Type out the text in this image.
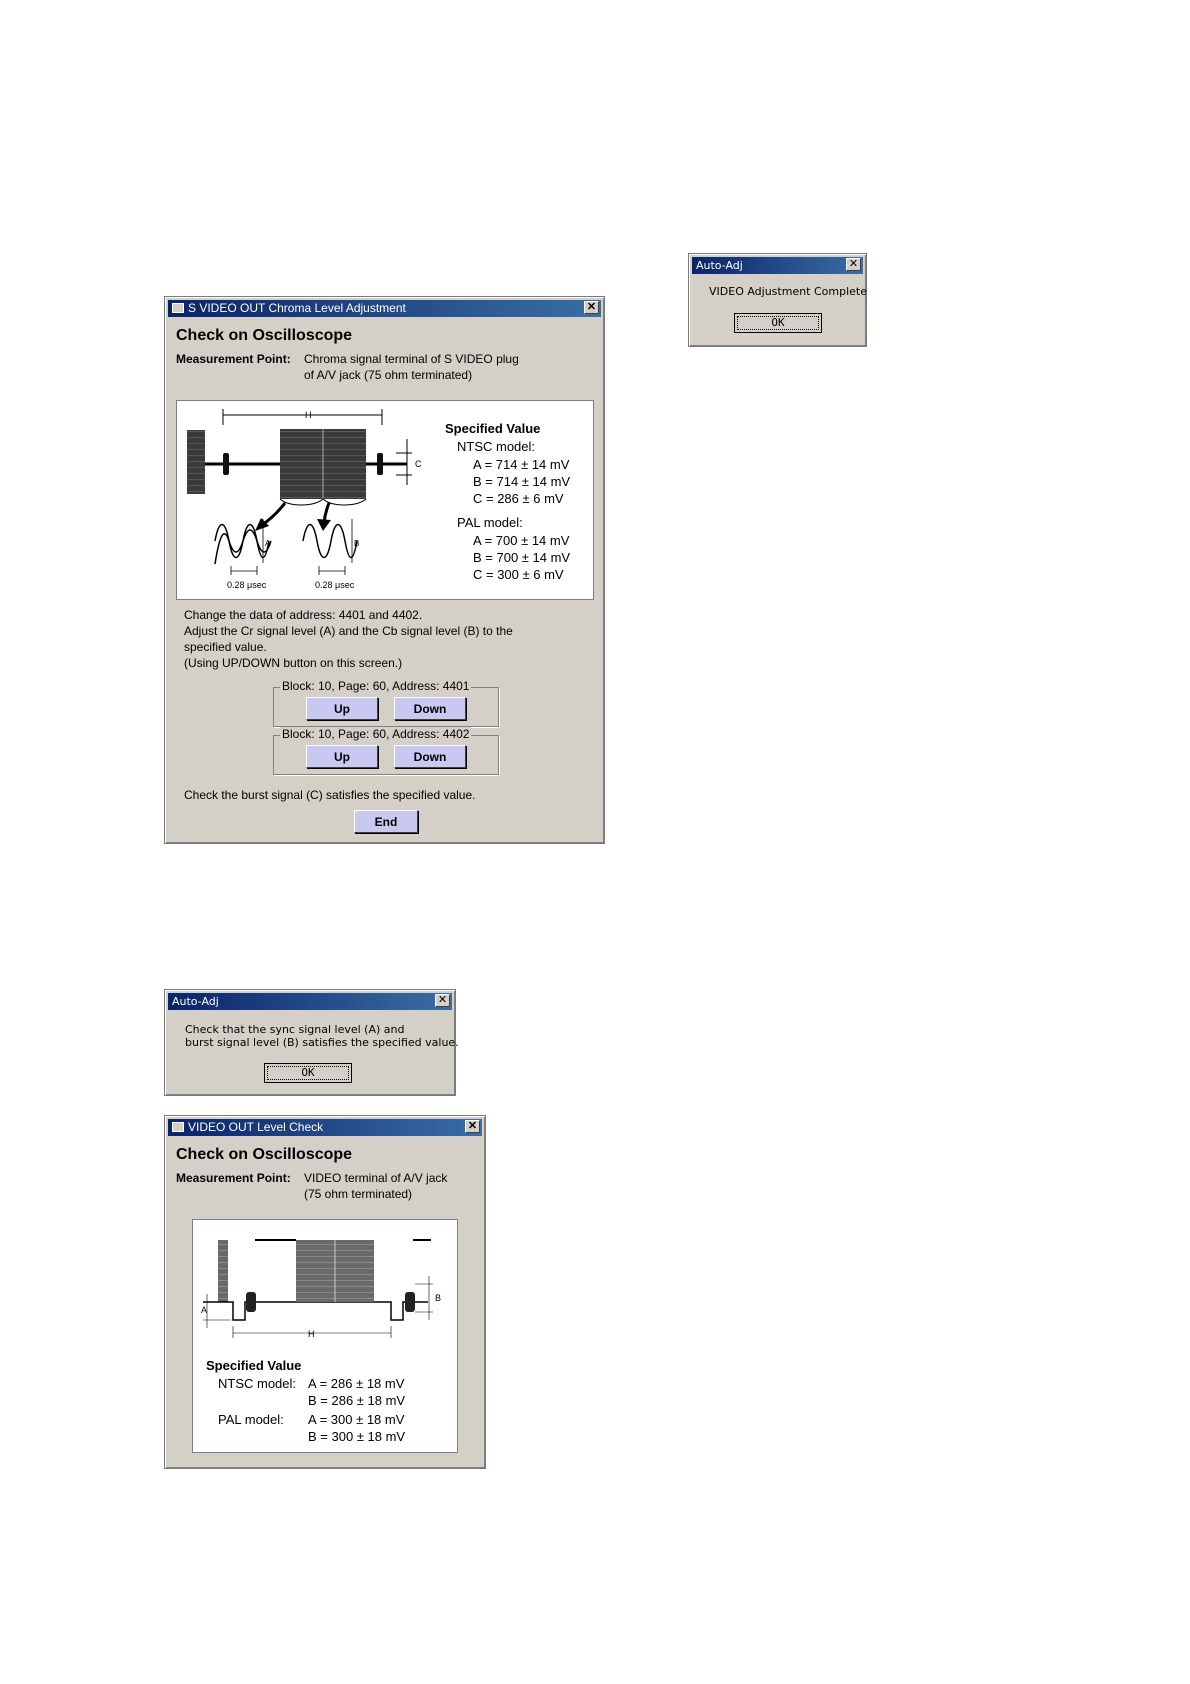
Auto-Adj	✕
VIDEO Adjustment Complete
OK
S VIDEO OUT Chroma Level Adjustment	✕
Check on Oscilloscope
Measurement Point: Chroma signal terminal of S VIDEO plug
of A/V jack (75 ohm terminated)
H
C
A
0.28 μsec
B
0.28 μsec
Specified Value
NTSC model:
A = 714 ± 14 mV
B = 714 ± 14 mV
C = 286 ± 6 mV
PAL model:
A = 700 ± 14 mV
B = 700 ± 14 mV
C = 300 ± 6 mV
Change the data of address: 4401 and 4402.
Adjust the Cr signal level (A) and the Cb signal level (B) to the
specified value.
(Using UP/DOWN button on this screen.)
Block: 10, Page: 60, Address: 4401
Up	Down
Block: 10, Page: 60, Address: 4402
Up	Down
Check the burst signal (C) satisfies the specified value.
End
Auto-Adj	✕
Check that the sync signal level (A) and
burst signal level (B) satisfies the specified value.
OK
VIDEO OUT Level Check	✕
Check on Oscilloscope
Measurement Point: VIDEO terminal of A/V jack
(75 ohm terminated)
A
B
H
Specified Value
NTSC model: A = 286 ± 18 mV
B = 286 ± 18 mV
PAL model: A = 300 ± 18 mV
B = 300 ± 18 mV
